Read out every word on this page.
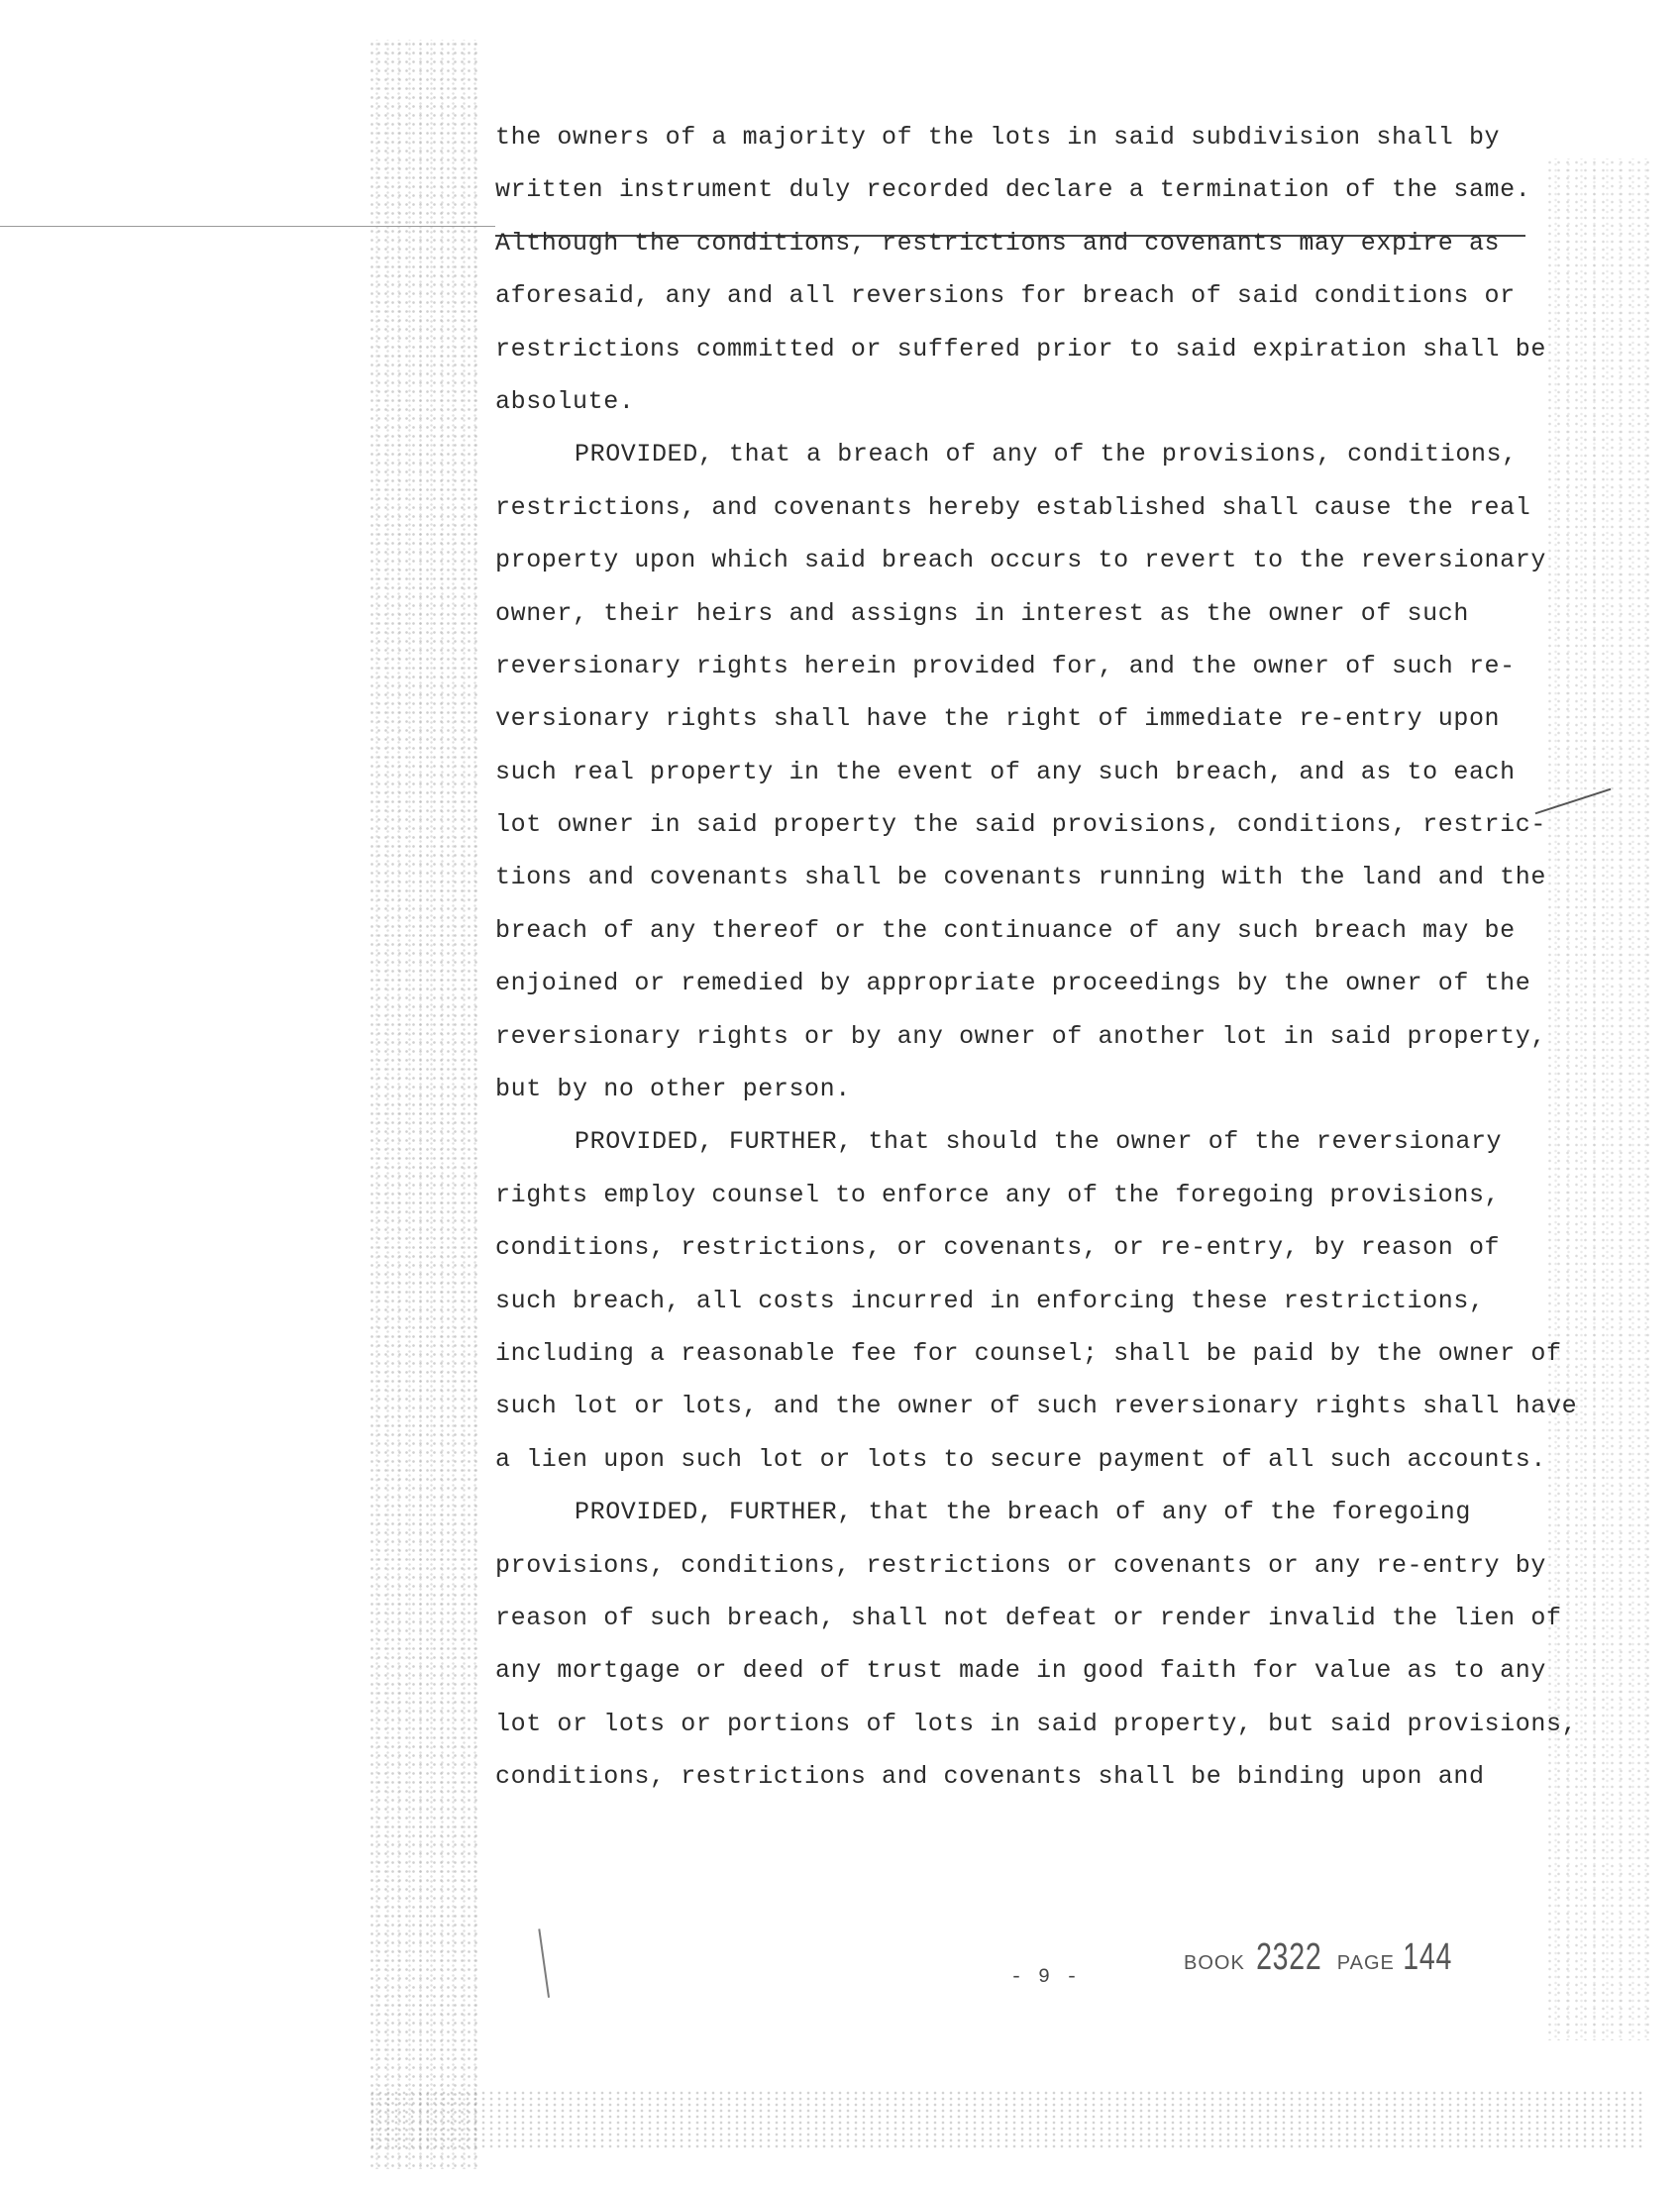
the owners of a majority of the lots in said subdivision shall by
written instrument duly recorded declare a termination of the same.
Although the conditions, restrictions and covenants may expire as
aforesaid, any and all reversions for breach of said conditions or
restrictions committed or suffered prior to said expiration shall be
absolute.
PROVIDED, that a breach of any of the provisions, conditions,
restrictions, and covenants hereby established shall cause the real
property upon which said breach occurs to revert to the reversionary
owner, their heirs and assigns in interest as the owner of such
reversionary rights herein provided for, and the owner of such re-
versionary rights shall have the right of immediate re-entry upon
such real property in the event of any such breach, and as to each
lot owner in said property the said provisions, conditions, restric-
tions and covenants shall be covenants running with the land and the
breach of any thereof or the continuance of any such breach may be
enjoined or remedied by appropriate proceedings by the owner of the
reversionary rights or by any owner of another lot in said property,
but by no other person.
PROVIDED, FURTHER, that should the owner of the reversionary
rights employ counsel to enforce any of the foregoing provisions,
conditions, restrictions, or covenants, or re-entry, by reason of
such breach, all costs incurred in enforcing these restrictions,
including a reasonable fee for counsel; shall be paid by the owner of
such lot or lots, and the owner of such reversionary rights shall have
a lien upon such lot or lots to secure payment of all such accounts.
PROVIDED, FURTHER, that the breach of any of the foregoing
provisions, conditions, restrictions or covenants or any re-entry by
reason of such breach, shall not defeat or render invalid the lien of
any mortgage or deed of trust made in good faith for value as to any
lot or lots or portions of lots in said property, but said provisions,
conditions, restrictions and covenants shall be binding upon and
- 9 -
BOOK 2322 PAGE 144
